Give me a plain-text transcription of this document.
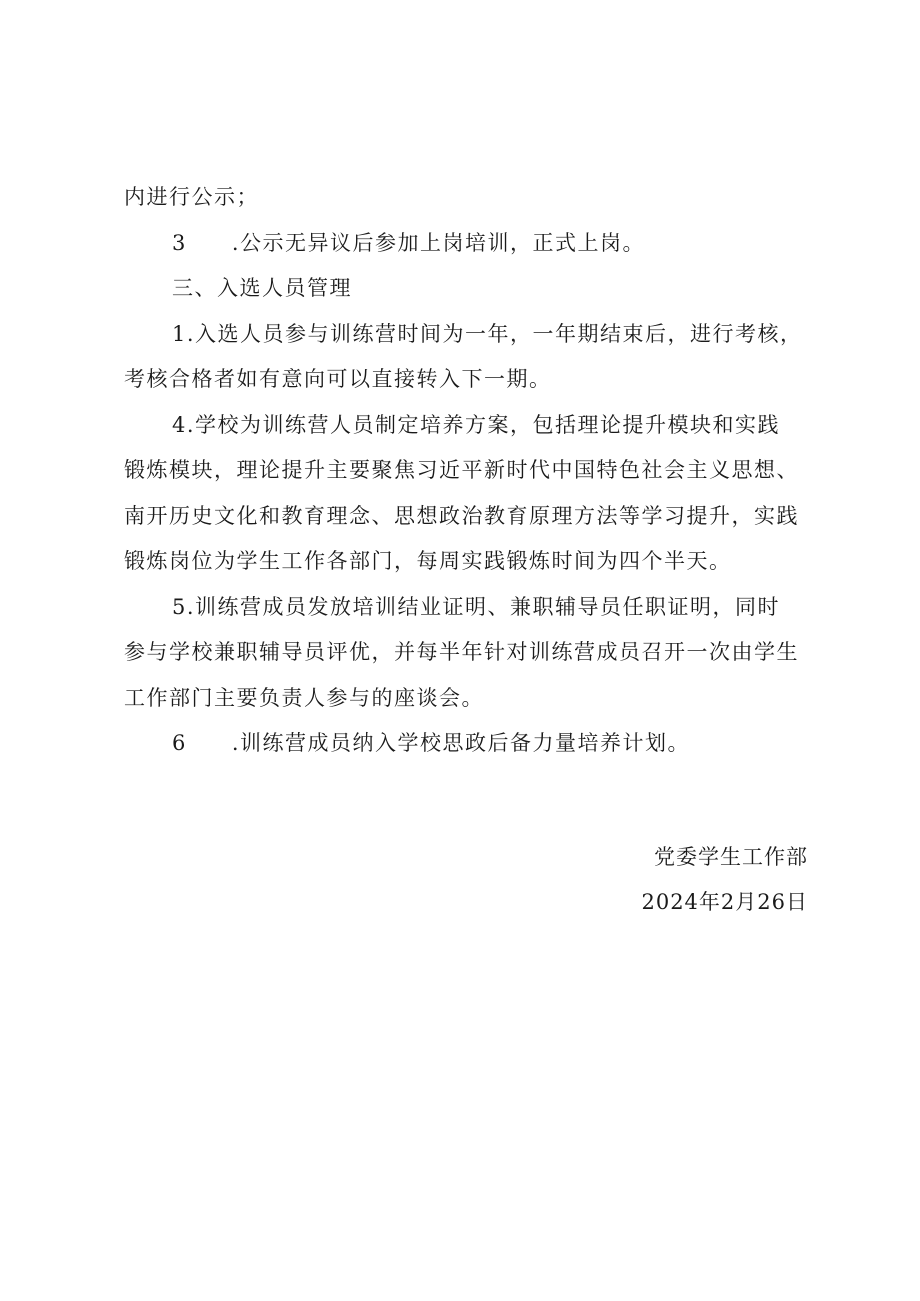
内进行公示；
3　　.公示无异议后参加上岗培训，正式上岗。
三、入选人员管理
1.入选人员参与训练营时间为一年，一年期结束后，进行考核，
考核合格者如有意向可以直接转入下一期。
4.学校为训练营人员制定培养方案，包括理论提升模块和实践
锻炼模块，理论提升主要聚焦习近平新时代中国特色社会主义思想、
南开历史文化和教育理念、思想政治教育原理方法等学习提升，实践
锻炼岗位为学生工作各部门，每周实践锻炼时间为四个半天。
5.训练营成员发放培训结业证明、兼职辅导员任职证明，同时
参与学校兼职辅导员评优，并每半年针对训练营成员召开一次由学生
工作部门主要负责人参与的座谈会。
6　　.训练营成员纳入学校思政后备力量培养计划。
党委学生工作部
2024年2月26日
